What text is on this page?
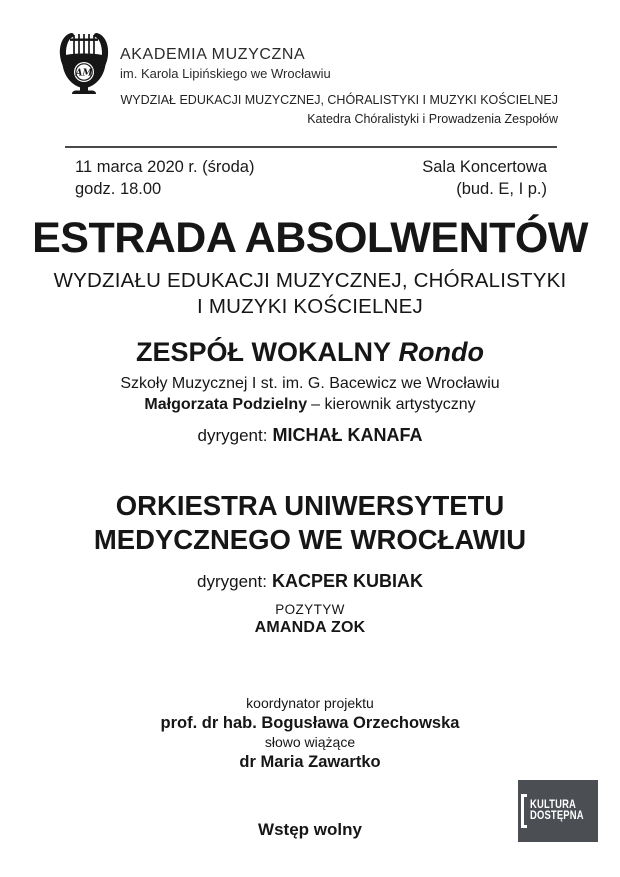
AM
AKADEMIA MUZYCZNA
im. Karola Lipińskiego we Wrocławiu
WYDZIAŁ EDUKACJI MUZYCZNEJ, CHÓRALISTYKI I MUZYKI KOŚCIELNEJ
Katedra Chóralistyki i Prowadzenia Zespołów
11 marca 2020 r. (środa)
godz. 18.00
Sala Koncertowa
(bud. E, I p.)
ESTRADA ABSOLWENTÓW
WYDZIAŁU EDUKACJI MUZYCZNEJ, CHÓRALISTYKI
I MUZYKI KOŚCIELNEJ
ZESPÓŁ WOKALNY Rondo
Szkoły Muzycznej I st. im. G. Bacewicz we Wrocławiu
Małgorzata Podzielny – kierownik artystyczny
dyrygent: MICHAŁ KANAFA
ORKIESTRA UNIWERSYTETU
MEDYCZNEGO WE WROCŁAWIU
dyrygent: KACPER KUBIAK
POZYTYW
AMANDA ZOK
koordynator projektu
prof. dr hab. Bogusława Orzechowska
słowo wiążące
dr Maria Zawartko
Wstęp wolny
KULTURA
DOSTĘPNA
